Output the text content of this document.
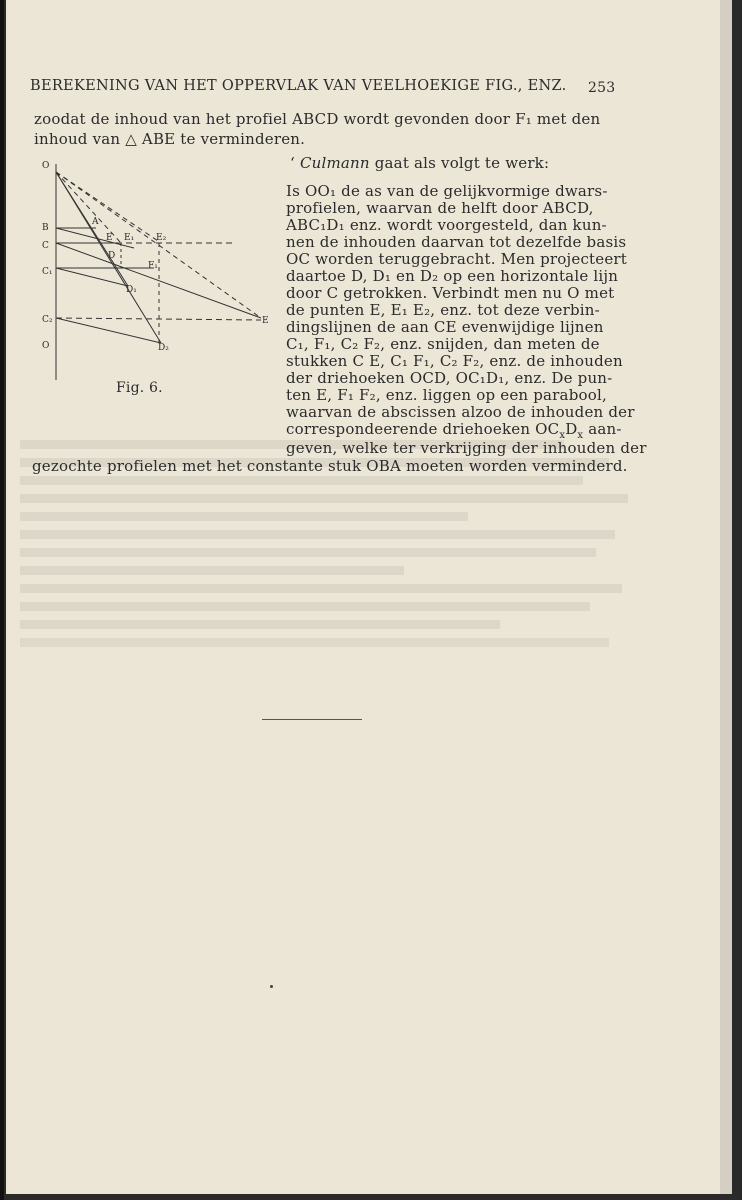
BEREKENING VAN HET OPPERVLAK VAN VEELHOEKIGE FIG., ENZ. 253
zoodat de inhoud van het profiel ABCD wordt gevonden door F₁ met den
inhoud van △ ABE te verminderen.
O
B
C
C₁
C₂
O
A
E E₁ E₂
D
F₁
D₁
D₂
E
Fig. 6.
‘ Culmann gaat als volgt te werk:
Is OO₁ de as van de gelijkvormige dwars-
profielen, waarvan de helft door ABCD,
ABC₁D₁ enz. wordt voorgesteld, dan kun-
nen de inhouden daarvan tot dezelfde basis
OC worden teruggebracht. Men projecteert
daartoe D, D₁ en D₂ op een horizontale lijn
door C getrokken. Verbindt men nu O met
de punten E, E₁ E₂, enz. tot deze verbin-
dingslijnen de aan CE evenwijdige lijnen
C₁, F₁, C₂ F₂, enz. snijden, dan meten de
stukken C E, C₁ F₁, C₂ F₂, enz. de inhouden
der driehoeken OCD, OC₁D₁, enz. De pun-
ten E, F₁ F₂, enz. liggen op een parabool,
waarvan de abscissen alzoo de inhouden der
correspondeerende driehoeken $OC_xD_x$ aan-
geven, welke ter verkrijging der inhouden der
gezochte profielen met het constante stuk OBA moeten worden verminderd.
